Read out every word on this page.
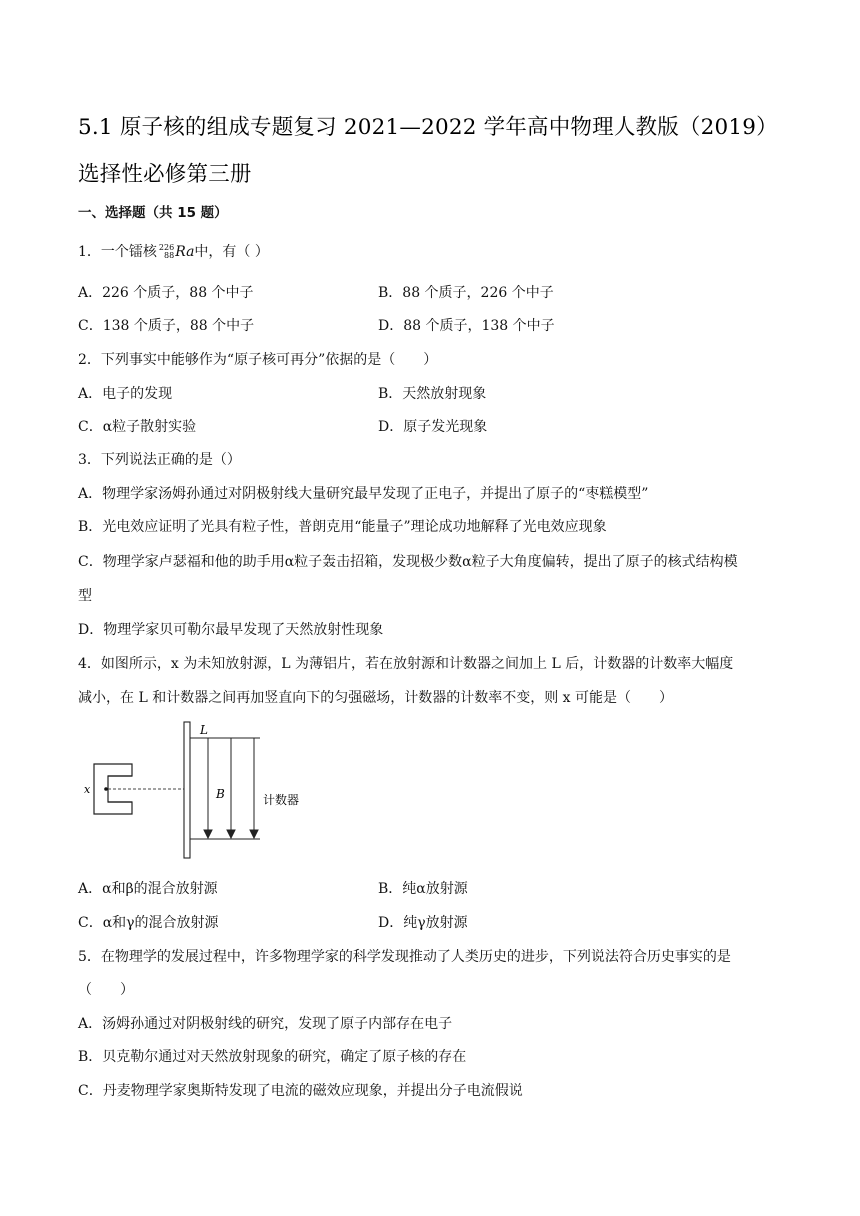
5.1 原子核的组成专题复习 2021—2022 学年高中物理人教版（2019）
选择性必修第三册
一、选择题（共 15 题）
1．一个镭核 226
88 Ra中，有（ ）
A．226 个质子，88 个中子	B．88 个质子，226 个中子
C．138 个质子，88 个中子	D．88 个质子，138 个中子
2．下列事实中能够作为“原子核可再分”依据的是（　　）
A．电子的发现	B．天然放射现象
C．α粒子散射实验	D．原子发光现象
3．下列说法正确的是（）
A．物理学家汤姆孙通过对阴极射线大量研究最早发现了正电子，并提出了原子的“枣糕模型”
B．光电效应证明了光具有粒子性，普朗克用“能量子”理论成功地解释了光电效应现象
C．物理学家卢瑟福和他的助手用α粒子轰击招箱，发现极少数α粒子大角度偏转，提出了原子的核式结构模
型
D．物理学家贝可勒尔最早发现了天然放射性现象
4．如图所示，x 为未知放射源，L 为薄铝片，若在放射源和计数器之间加上 L 后，计数器的计数率大幅度
减小，在 L 和计数器之间再加竖直向下的匀强磁场，计数器的计数率不变，则 x 可能是（　　）
A．α和β的混合放射源	B．纯α放射源
C．α和γ的混合放射源	D．纯γ放射源
5．在物理学的发展过程中，许多物理学家的科学发现推动了人类历史的进步，下列说法符合历史事实的是
（　　）
A．汤姆孙通过对阴极射线的研究，发现了原子内部存在电子
B．贝克勒尔通过对天然放射现象的研究，确定了原子核的存在
C．丹麦物理学家奥斯特发现了电流的磁效应现象，并提出分子电流假说
x
L
B	计数器
